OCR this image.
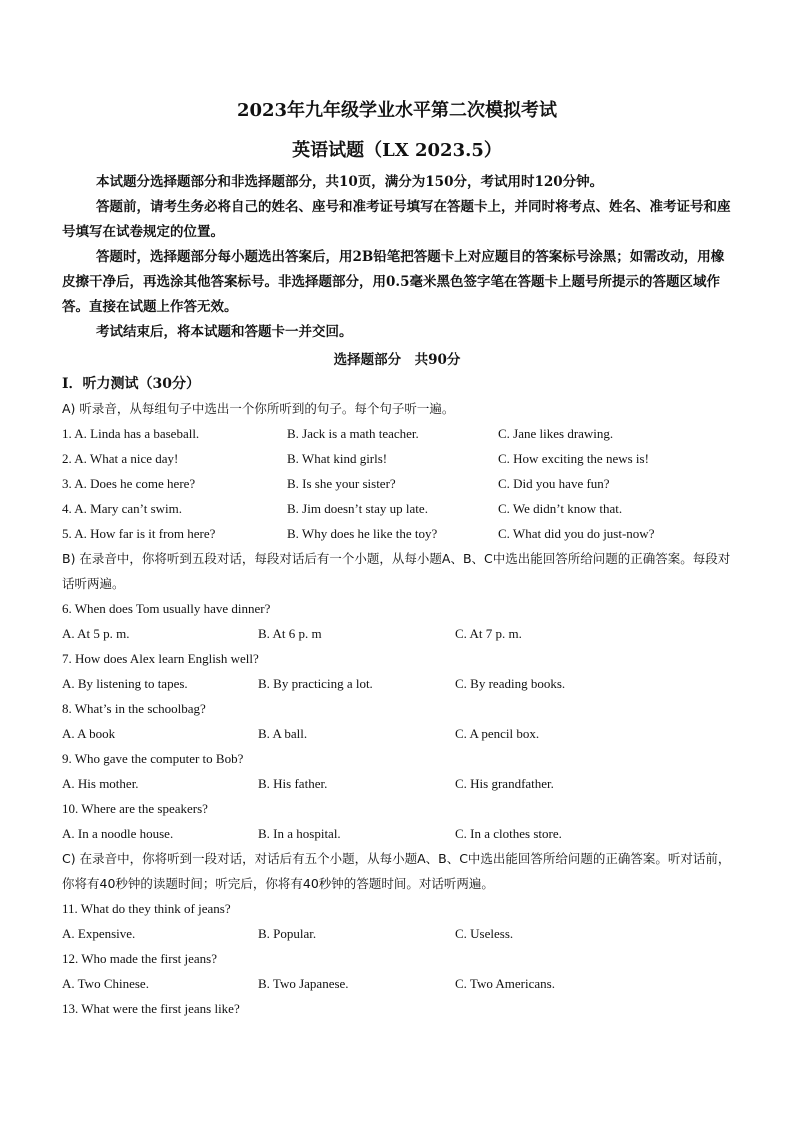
2023年九年级学业水平第二次模拟考试
英语试题（LX 2023.5）

本试题分选择题部分和非选择题部分，共10页，满分为150分，考试用时120分钟。

答题前，请考生务必将自己的姓名、座号和准考证号填写在答题卡上，并同时将考点、姓名、准考证号和座号填写在试卷规定的位置。

答题时，选择题部分每小题选出答案后，用2B铅笔把答题卡上对应题目的答案标号涂黑；如需改动，用橡皮擦干净后，再选涂其他答案标号。非选择题部分，用0.5毫米黑色签字笔在答题卡上题号所提示的答题区域作答。直接在试题上作答无效。

考试结束后，将本试题和答题卡一并交回。

选择题部分　共90分
Ⅰ．听力测试（30分）
A) 听录音，从每组句子中选出一个你所听到的句子。每个句子听一遍。
1. A. Linda has a baseball.	B. Jack is a math teacher.	C. Jane likes drawing.
2. A. What a nice day!	B. What kind girls!	C. How exciting the news is!
3. A. Does he come here?	B. Is she your sister?	C. Did you have fun?
4. A. Mary can’t swim.	B. Jim doesn’t stay up late.	C. We didn’t know that.
5. A. How far is it from here?	B. Why does he like the toy?	C. What did you do just-now?
B) 在录音中，你将听到五段对话，每段对话后有一个小题，从每小题A、B、C中选出能回答所给问题的正确答案。每段对话听两遍。
6. When does Tom usually have dinner?
A. At 5 p. m.	B. At 6 p. m	C. At 7 p. m.
7. How does Alex learn English well?
A. By listening to tapes.	B. By practicing a lot.	C. By reading books.
8. What’s in the schoolbag?
A. A book	B. A ball.	C. A pencil box.
9. Who gave the computer to Bob?
A. His mother.	B. His father.	C. His grandfather.
10. Where are the speakers?
A. In a noodle house.	B. In a hospital.	C. In a clothes store.
C) 在录音中，你将听到一段对话，对话后有五个小题，从每小题A、B、C中选出能回答所给问题的正确答案。听对话前，你将有40秒钟的读题时间；听完后，你将有40秒钟的答题时间。对话听两遍。
11. What do they think of jeans?
A. Expensive.	B. Popular.	C. Useless.
12. Who made the first jeans?
A. Two Chinese.	B. Two Japanese.	C. Two Americans.
13. What were the first jeans like?
